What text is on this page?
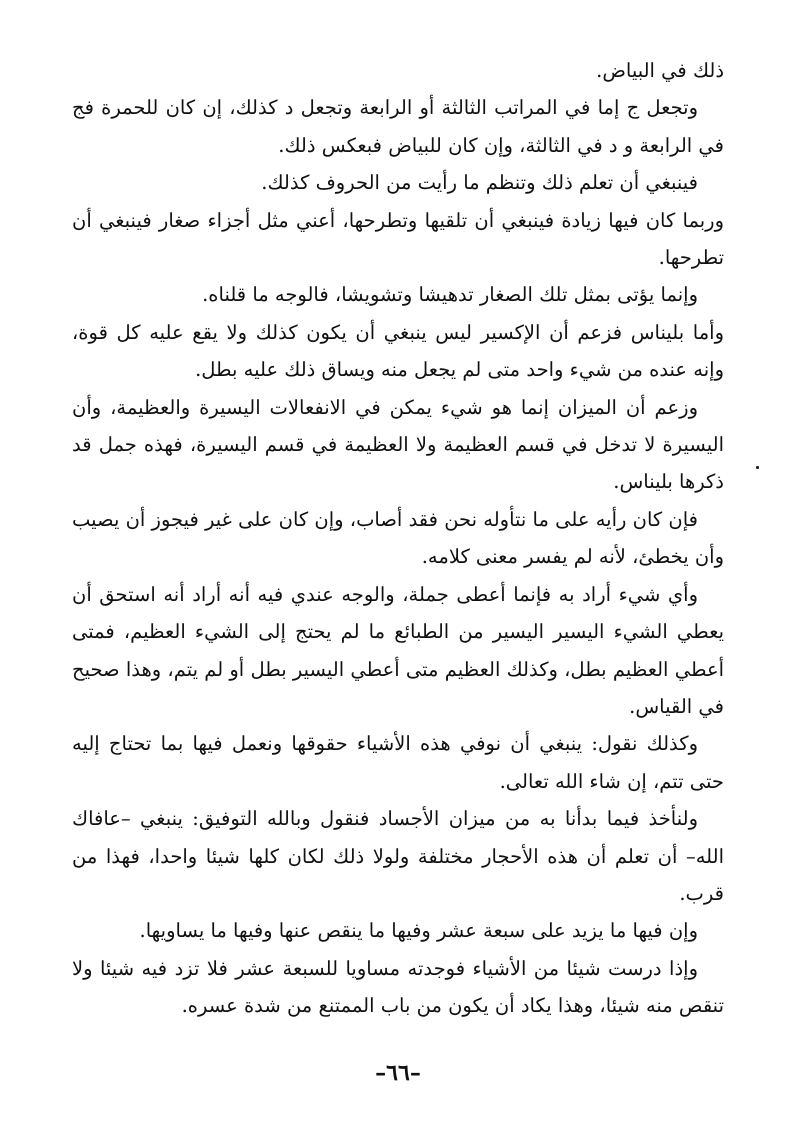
ذلك في البياض.

وتجعل ج إما في المراتب الثالثة أو الرابعة وتجعل د كذلك، إن كان للحمرة فج في الرابعة و د في الثالثة، وإن كان للبياض فبعكس ذلك.

فينبغي أن تعلم ذلك وتنظم ما رأيت من الحروف كذلك.

وربما كان فيها زيادة فينبغي أن تلقيها وتطرحها، أعني مثل أجزاء صغار فينبغي أن تطرحها.

وإنما يؤتى بمثل تلك الصغار تدهيشا وتشويشا، فالوجه ما قلناه.

وأما بليناس فزعم أن الإكسير ليس ينبغي أن يكون كذلك ولا يقع عليه كل قوة، وإنه عنده من شيء واحد متى لم يجعل منه ويساق ذلك عليه بطل.

وزعم أن الميزان إنما هو شيء يمكن في الانفعالات اليسيرة والعظيمة، وأن اليسيرة لا تدخل في قسم العظيمة ولا العظيمة في قسم اليسيرة، فهذه جمل قد ذكرها بليناس.

فإن كان رأيه على ما نتأوله نحن فقد أصاب، وإن كان على غير فيجوز أن يصيب وأن يخطئ، لأنه لم يفسر معنى كلامه.

وأي شيء أراد به فإنما أعطى جملة، والوجه عندي فيه أنه أراد أنه استحق أن يعطي الشيء اليسير اليسير من الطبائع ما لم يحتج إلى الشيء العظيم، فمتى أعطي العظيم بطل، وكذلك العظيم متى أعطي اليسير بطل أو لم يتم، وهذا صحيح في القياس.

وكذلك نقول: ينبغي أن نوفي هذه الأشياء حقوقها ونعمل فيها بما تحتاج إليه حتى تتم، إن شاء الله تعالى.

ولنأخذ فيما بدأنا به من ميزان الأجساد فنقول وبالله التوفيق: ينبغي –عافاك الله– أن تعلم أن هذه الأحجار مختلفة ولولا ذلك لكان كلها شيئا واحدا، فهذا من قرب.

وإن فيها ما يزيد على سبعة عشر وفيها ما ينقص عنها وفيها ما يساويها.

وإذا درست شيئا من الأشياء فوجدته مساويا للسبعة عشر فلا تزد فيه شيئا ولا تنقص منه شيئا، وهذا يكاد أن يكون من باب الممتنع من شدة عسره.

–٦٦–
